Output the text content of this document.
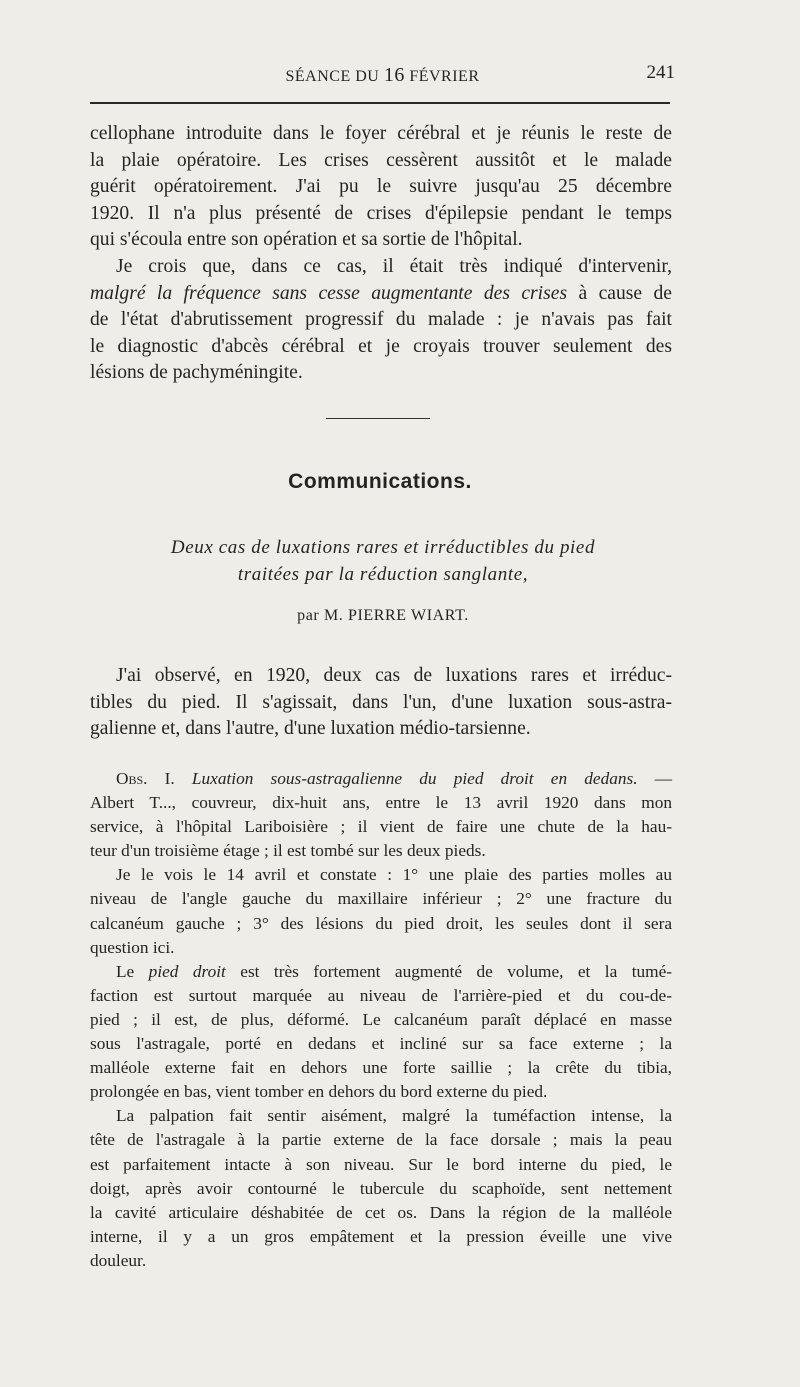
SÉANCE DU 16 FÉVRIER	241

cellophane introduite dans le foyer cérébral et je réunis le reste de

la plaie opératoire. Les crises cessèrent aussitôt et le malade

guérit opératoirement. J'ai pu le suivre jusqu'au 25 décembre

1920. Il n'a plus présenté de crises d'épilepsie pendant le temps

qui s'écoula entre son opération et sa sortie de l'hôpital.

Je crois que, dans ce cas, il était très indiqué d'intervenir,

malgré la fréquence sans cesse augmentante des crises à cause de

de l'état d'abrutissement progressif du malade : je n'avais pas fait

le diagnostic d'abcès cérébral et je croyais trouver seulement des

lésions de pachyméningite.

Communications.
Deux cas de luxations rares et irréductibles du pied
traitées par la réduction sanglante,
par M. PIERRE WIART.

J'ai observé, en 1920, deux cas de luxations rares et irréduc-

tibles du pied. Il s'agissait, dans l'un, d'une luxation sous-astra-

galienne et, dans l'autre, d'une luxation médio-tarsienne.

Obs. I. Luxation sous-astragalienne du pied droit en dedans. —

Albert T..., couvreur, dix-huit ans, entre le 13 avril 1920 dans mon

service, à l'hôpital Lariboisière ; il vient de faire une chute de la hau-

teur d'un troisième étage ; il est tombé sur les deux pieds.

Je le vois le 14 avril et constate : 1° une plaie des parties molles au

niveau de l'angle gauche du maxillaire inférieur ; 2° une fracture du

calcanéum gauche ; 3° des lésions du pied droit, les seules dont il sera

question ici.

Le pied droit est très fortement augmenté de volume, et la tumé-

faction est surtout marquée au niveau de l'arrière-pied et du cou-de-

pied ; il est, de plus, déformé. Le calcanéum paraît déplacé en masse

sous l'astragale, porté en dedans et incliné sur sa face externe ; la

malléole externe fait en dehors une forte saillie ; la crête du tibia,

prolongée en bas, vient tomber en dehors du bord externe du pied.

La palpation fait sentir aisément, malgré la tuméfaction intense, la

tête de l'astragale à la partie externe de la face dorsale ; mais la peau

est parfaitement intacte à son niveau. Sur le bord interne du pied, le

doigt, après avoir contourné le tubercule du scaphoïde, sent nettement

la cavité articulaire déshabitée de cet os. Dans la région de la malléole

interne, il y a un gros empâtement et la pression éveille une vive

douleur.
